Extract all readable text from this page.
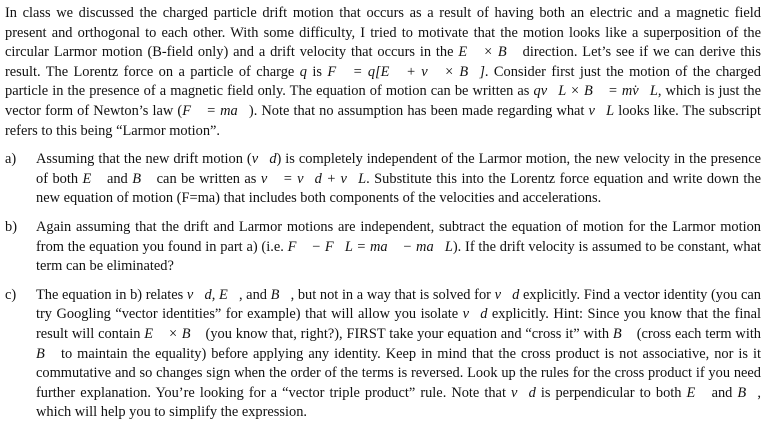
In class we discussed the charged particle drift motion that occurs as a result of having both an electric and a magnetic field present and orthogonal to each other. With some difficulty, I tried to motivate that the motion looks like a superposition of the circular Larmor motion (B-field only) and a drift velocity that occurs in the E⃗ × B⃗ direction. Let’s see if we can derive this result. The Lorentz force on a particle of charge q is F⃗ = q[E⃗ + v⃗ × B⃗]. Consider first just the motion of the charged particle in the presence of a magnetic field only. The equation of motion can be written as qv⃗L × B⃗ = mv̇⃗L, which is just the vector form of Newton’s law (F⃗ = ma⃗). Note that no assumption has been made regarding what v⃗L looks like. The subscript refers to this being “Larmor motion”.

a)	Assuming that the new drift motion (v⃗d) is completely independent of the Larmor motion, the new velocity in the presence of both E⃗ and B⃗ can be written as v⃗ = v⃗d + v⃗L. Substitute this into the Lorentz force equation and write down the new equation of motion (F=ma) that includes both components of the velocities and accelerations.

b)	Again assuming that the drift and Larmor motions are independent, subtract the equation of motion for the Larmor motion from the equation you found in part a) (i.e. F⃗ − F⃗L = ma⃗ − ma⃗L). If the drift velocity is assumed to be constant, what term can be eliminated?

c)	The equation in b) relates v⃗d, E⃗, and B⃗, but not in a way that is solved for v⃗d explicitly. Find a vector identity (you can try Googling “vector identities” for example) that will allow you isolate v⃗d explicitly. Hint: Since you know that the final result will contain E⃗ × B⃗ (you know that, right?), FIRST take your equation and “cross it” with B⃗ (cross each term with B⃗ to maintain the equality) before applying any identity. Keep in mind that the cross product is not associative, nor is it commutative and so changes sign when the order of the terms is reversed. Look up the rules for the cross product if you need further explanation. You’re looking for a “vector triple product” rule. Note that v⃗d is perpendicular to both E⃗ and B⃗, which will help you to simplify the expression.
